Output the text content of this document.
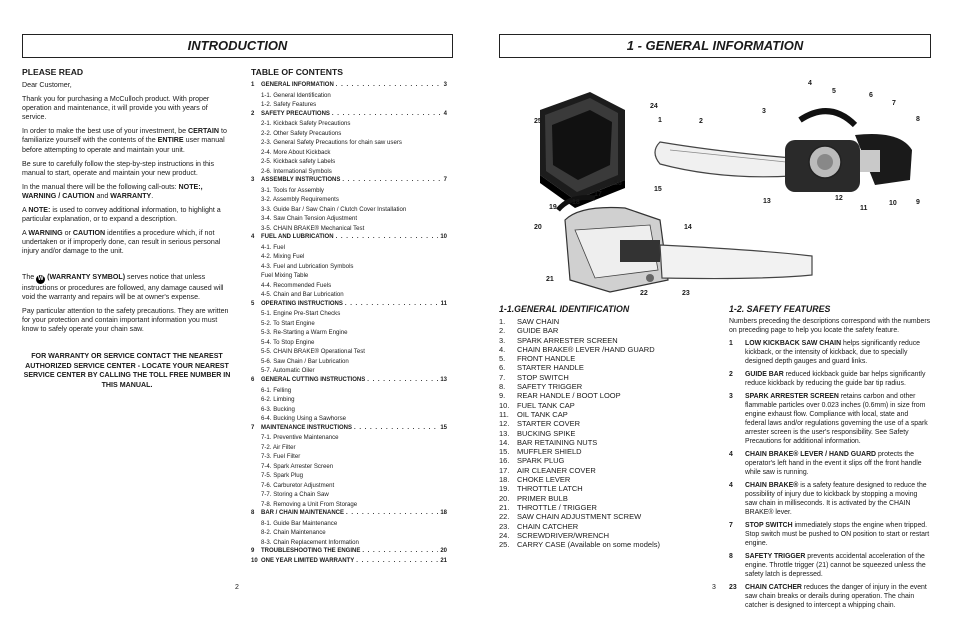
INTRODUCTION
PLEASE READ

Dear Customer,

Thank you for purchasing a McCulloch product. With proper operation and maintenance, it will provide you with years of service.

In order to make the best use of your investment, be CERTAIN to familiarize yourself with the contents of the ENTIRE user manual before attempting to operate and maintain your unit.

Be sure to carefully follow the step-by-step instructions in this manual to start, operate and maintain your new product.

In the manual there will be the following call-outs: NOTE:, WARNING / CAUTION and WARRANTY.

A NOTE: is used to convey additional information, to highlight a particular explanation, or to expand a description.

A WARNING or CAUTION identifies a procedure which, if not undertaken or if improperly done, can result in serious personal injury and/or damage to the unit.

The W (WARRANTY SYMBOL) serves notice that unless instructions or procedures are followed, any damage caused will void the warranty and repairs will be at owner's expense.

Pay particular attention to the safety precautions. They are written for your protection and contain important information you must know to safely operate your chain saw.

FOR WARRANTY OR SERVICE CONTACT THE NEAREST AUTHORIZED SERVICE CENTER - LOCATE YOUR NEAREST SERVICE CENTER BY CALLING THE TOLL FREE NUMBER IN THIS MANUAL.
TABLE OF CONTENTS
1	GENERAL INFORMATION . . .	3
1-1. General Identification
1-2. Safety Features
2	SAFETY PRECAUTIONS . . .	4
2-1. Kickback Safety Precautions
2-2. Other Safety Precautions
2-3. General Safety Precautions for chain saw users
2-4. More About Kickback
2-5. Kickback safety Labels
2-6. International Symbols
3	ASSEMBLY INSTRUCTIONS . . .	7
3-1. Tools for Assembly
3-2. Assembly Requirements
3-3. Guide Bar / Saw Chain / Clutch Cover Installation
3-4. Saw Chain Tension Adjustment
3-5. CHAIN BRAKE® Mechanical Test
4	FUEL AND LUBRICATION . . .	10
4-1. Fuel
4-2. Mixing Fuel
4-3. Fuel and Lubrication Symbols
Fuel Mixing Table
4-4. Recommended Fuels
4-5. Chain and Bar Lubrication
5	OPERATING INSTRUCTIONS . . .	11
5-1. Engine Pre-Start Checks
5-2. To Start Engine
5-3. Re-Starting a Warm Engine
5-4. To Stop Engine
5-5. CHAIN BRAKE® Operational Test
5-6. Saw Chain / Bar Lubrication
5-7. Automatic Oiler
6	GENERAL CUTTING INSTRUCTIONS . . .	13
6-1. Felling
6-2. Limbing
6-3. Bucking
6-4. Bucking Using a Sawhorse
7	MAINTENANCE INSTRUCTIONS . . .	15
7-1. Preventive Maintenance
7-2. Air Filter
7-3. Fuel Filter
7-4. Spark Arrester Screen
7-5. Spark Plug
7-6. Carburetor Adjustment
7-7. Storing a Chain Saw
7-8. Removing a Unit From Storage
8	BAR / CHAIN MAINTENANCE . . .	18
8-1. Guide Bar Maintenance
8-2. Chain Maintenance
8-3. Chain Replacement Information
9	TROUBLESHOOTING THE ENGINE . . .	20
10 ONE YEAR LIMITED WARRANTY . . .	21
2
1 - GENERAL INFORMATION
1	2
3
4
5
6
7
8
9
10
11
12
13
14
15
16
17
18
19
20
21
22	23
24
25
1-1.GENERAL IDENTIFICATION
1.	SAW CHAIN
2.	GUIDE BAR
3.	SPARK ARRESTER SCREEN
4.	CHAIN BRAKE® LEVER /HAND GUARD
5.	FRONT HANDLE
6.	STARTER HANDLE
7.	STOP SWITCH
8.	SAFETY TRIGGER
9.	REAR HANDLE / BOOT LOOP
10.	FUEL TANK CAP
11.	OIL TANK CAP
12.	STARTER COVER
13.	BUCKING SPIKE
14.	BAR RETAINING NUTS
15.	MUFFLER SHIELD
16.	SPARK PLUG
17.	AIR CLEANER COVER
18.	CHOKE LEVER
19.	THROTTLE LATCH
20.	PRIMER BULB
21.	THROTTLE / TRIGGER
22.	SAW CHAIN ADJUSTMENT SCREW
23.	CHAIN CATCHER
24.	SCREWDRIVER/WRENCH
25.	CARRY CASE (Available on some models)
1-2. SAFETY FEATURES
Numbers preceding the descriptions correspond with the numbers on preceding page to help you locate the safety feature.
1	LOW KICKBACK SAW CHAIN helps significantly reduce kickback, or the intensity of kickback, due to specially designed depth gauges and guard links.
2	GUIDE BAR reduced kickback guide bar helps significantly reduce kickback by reducing the guide bar tip radius.
3	SPARK ARRESTER SCREEN retains carbon and other flammable particles over 0.023 inches (0.6mm) in size from engine exhaust flow. Compliance with local, state and federal laws and/or regulations governing the use of a spark arrester screen is the user's responsibility. See Safety Precautions for additional information.
4	CHAIN BRAKE® LEVER / HAND GUARD protects the operator's left hand in the event it slips off the front handle while saw is running.
4	CHAIN BRAKE® is a safety feature designed to reduce the possibility of injury due to kickback by stopping a moving saw chain in milliseconds. It is activated by the CHAIN BRAKE® lever.
7	STOP SWITCH immediately stops the engine when tripped. Stop switch must be pushed to ON position to start or restart engine.
8	SAFETY TRIGGER prevents accidental acceleration of the engine. Throttle trigger (21) cannot be squeezed unless the safety latch is depressed.
23	CHAIN CATCHER reduces the danger of injury in the event saw chain breaks or derails during operation. The chain catcher is designed to intercept a whipping chain.
3
